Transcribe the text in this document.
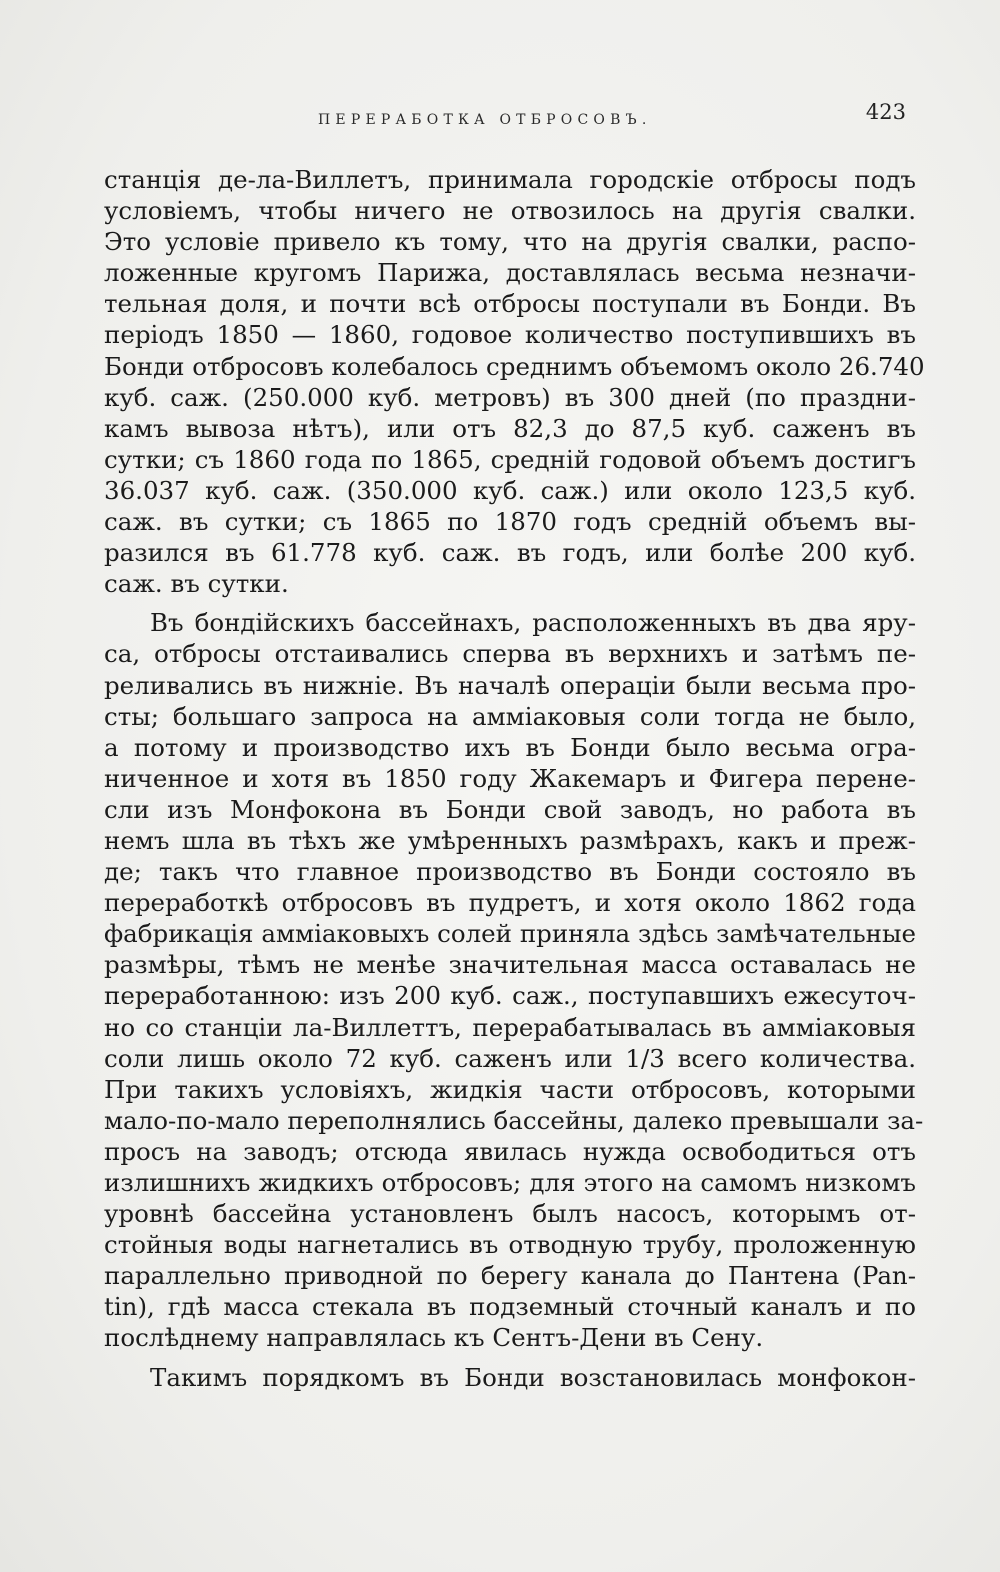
ПЕРЕРАБОТКА ОТБРОСОВЪ.	423
станція де-ла-Виллетъ, принимала городскіе отбросы подъ
условіемъ, чтобы ничего не отвозилось на другія свалки.
Это условіе привело къ тому, что на другія свалки, распо-
ложенные кругомъ Парижа, доставлялась весьма незначи-
тельная доля, и почти всѣ отбросы поступали въ Бонди. Въ
періодъ 1850 — 1860, годовое количество поступившихъ въ
Бонди отбросовъ колебалось среднимъ объемомъ около 26.740
куб. саж. (250.000 куб. метровъ) въ 300 дней (по праздни-
камъ вывоза нѣтъ), или отъ 82,3 до 87,5 куб. саженъ въ
сутки; съ 1860 года по 1865, среднiй годовой объемъ достигъ
36.037 куб. саж. (350.000 куб. саж.) или около 123,5 куб.
саж. въ сутки; съ 1865 по 1870 годъ среднiй объемъ вы-
разился въ 61.778 куб. саж. въ годъ, или болѣе 200 куб.
саж. въ сутки.
Въ бондійскихъ бассейнахъ, расположенныхъ въ два яру-
са, отбросы отстаивались сперва въ верхнихъ и затѣмъ пе-
реливались въ нижніе. Въ началѣ операціи были весьма про-
сты; большаго запроса на амміаковыя соли тогда не было,
а потому и производство ихъ въ Бонди было весьма огра-
ниченное и хотя въ 1850 году Жакемаръ и Фигера перене-
сли изъ Монфокона въ Бонди свой заводъ, но работа въ
немъ шла въ тѣхъ же умѣренныхъ размѣрахъ, какъ и преж-
де; такъ что главное производство въ Бонди состояло въ
переработкѣ отбросовъ въ пудретъ, и хотя около 1862 года
фабрикація амміаковыхъ солей приняла здѣсь замѣчательные
размѣры, тѣмъ не менѣе значительная масса оставалась не
переработанною: изъ 200 куб. саж., поступавшихъ ежесуточ-
но со станціи ла-Виллеттъ, перерабатывалась въ амміаковыя
соли лишь около 72 куб. саженъ или 1/3 всего количества.
При такихъ условіяхъ, жидкія части отбросовъ, которыми
мало-по-мало переполнялись бассейны, далеко превышали за-
просъ на заводъ; отсюда явилась нужда освободиться отъ
излишнихъ жидкихъ отбросовъ; для этого на самомъ низкомъ
уровнѣ бассейна установленъ былъ насосъ, которымъ от-
стойныя воды нагнетались въ отводную трубу, проложенную
параллельно приводной по берегу канала до Пантена (Pan-
tin), гдѣ масса стекала въ подземный сточный каналъ и по
послѣднему направлялась къ Сентъ-Дени въ Сену.
Такимъ порядкомъ въ Бонди возстановилась монфокон-
